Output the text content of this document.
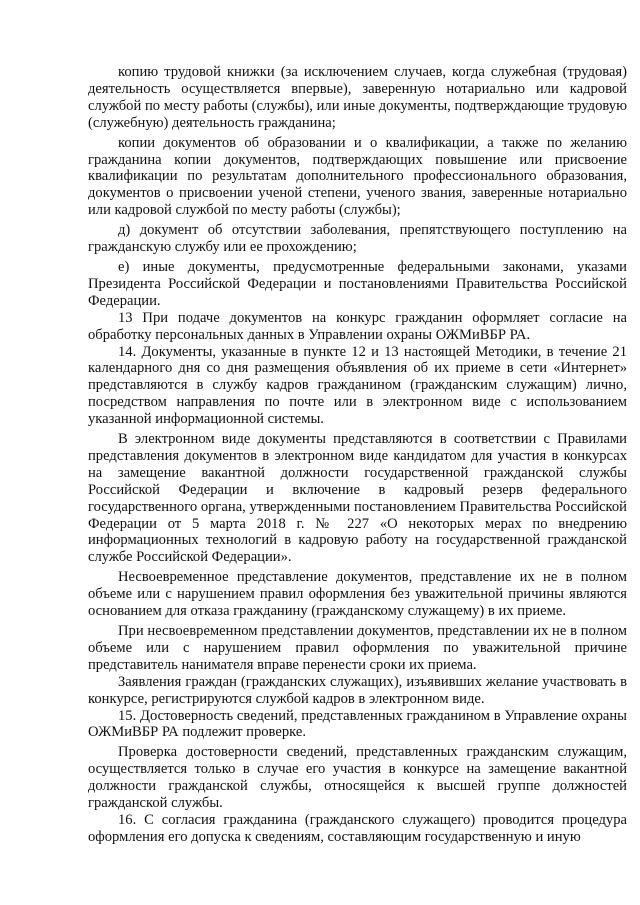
копию трудовой книжки (за исключением случаев, когда служебная (трудовая) деятельность осуществляется впервые), заверенную нотариально или кадровой службой по месту работы (службы), или иные документы, подтверждающие трудовую (служебную) деятельность гражданина;

копии документов об образовании и о квалификации, а также по желанию гражданина копии документов, подтверждающих повышение или присвоение квалификации по результатам дополнительного профессионального образования, документов о присвоении ученой степени, ученого звания, заверенные нотариально или кадровой службой по месту работы (службы);

д) документ об отсутствии заболевания, препятствующего поступлению на гражданскую службу или ее прохождению;

е) иные документы, предусмотренные федеральными законами, указами Президента Российской Федерации и постановлениями Правительства Российской Федерации.

13 При подаче документов на конкурс гражданин оформляет согласие на обработку персональных данных в Управлении охраны ОЖМиВБР РА.

14. Документы, указанные в пункте 12 и 13 настоящей Методики, в течение 21 календарного дня со дня размещения объявления об их приеме в сети «Интернет» представляются в службу кадров гражданином (гражданским служащим) лично, посредством направления по почте или в электронном виде с использованием указанной информационной системы.

В электронном виде документы представляются в соответствии с Правилами представления документов в электронном виде кандидатом для участия в конкурсах на замещение вакантной должности государственной гражданской службы Российской Федерации и включение в кадровый резерв федерального государственного органа, утвержденными постановлением Правительства Российской Федерации от 5 марта 2018 г. № 227 «О некоторых мерах по внедрению информационных технологий в кадровую работу на государственной гражданской службе Российской Федерации».

Несвоевременное представление документов, представление их не в полном объеме или с нарушением правил оформления без уважительной причины являются основанием для отказа гражданину (гражданскому служащему) в их приеме.

При несвоевременном представлении документов, представлении их не в полном объеме или с нарушением правил оформления по уважительной причине представитель нанимателя вправе перенести сроки их приема.

Заявления граждан (гражданских служащих), изъявивших желание участвовать в конкурсе, регистрируются службой кадров в электронном виде.

15. Достоверность сведений, представленных гражданином в Управление охраны ОЖМиВБР РА подлежит проверке.

Проверка достоверности сведений, представленных гражданским служащим, осуществляется только в случае его участия в конкурсе на замещение вакантной должности гражданской службы, относящейся к высшей группе должностей гражданской службы.

16. С согласия гражданина (гражданского служащего) проводится процедура оформления его допуска к сведениям, составляющим государственную и иную
